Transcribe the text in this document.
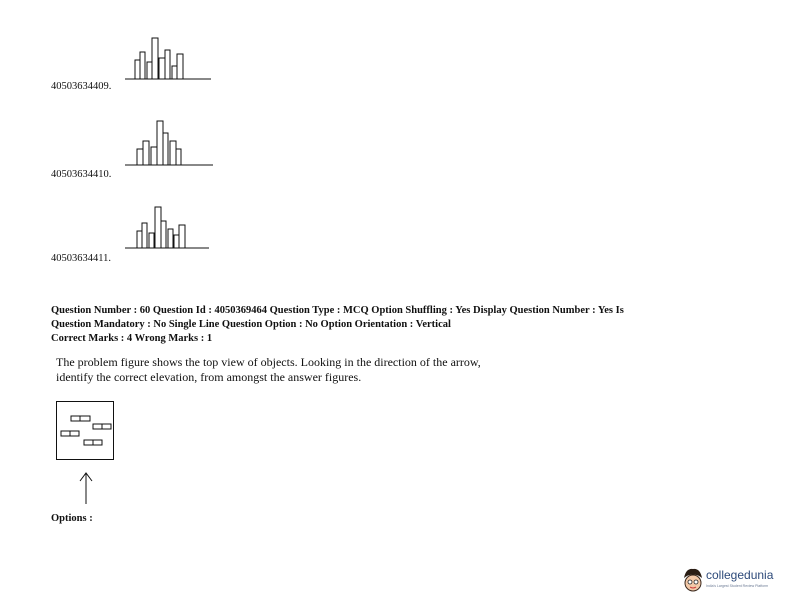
40503634409.
40503634410.
40503634411.
Question Number : 60 Question Id : 4050369464 Question Type : MCQ Option Shuffling : Yes Display Question Number : Yes Is
Question Mandatory : No Single Line Question Option : No Option Orientation : Vertical
Correct Marks : 4 Wrong Marks : 1
The problem figure shows the top view of objects. Looking in the direction of the arrow,
identify the correct elevation, from amongst the answer figures.
Options :
collegedunia
India's Largest Student Review Platform
